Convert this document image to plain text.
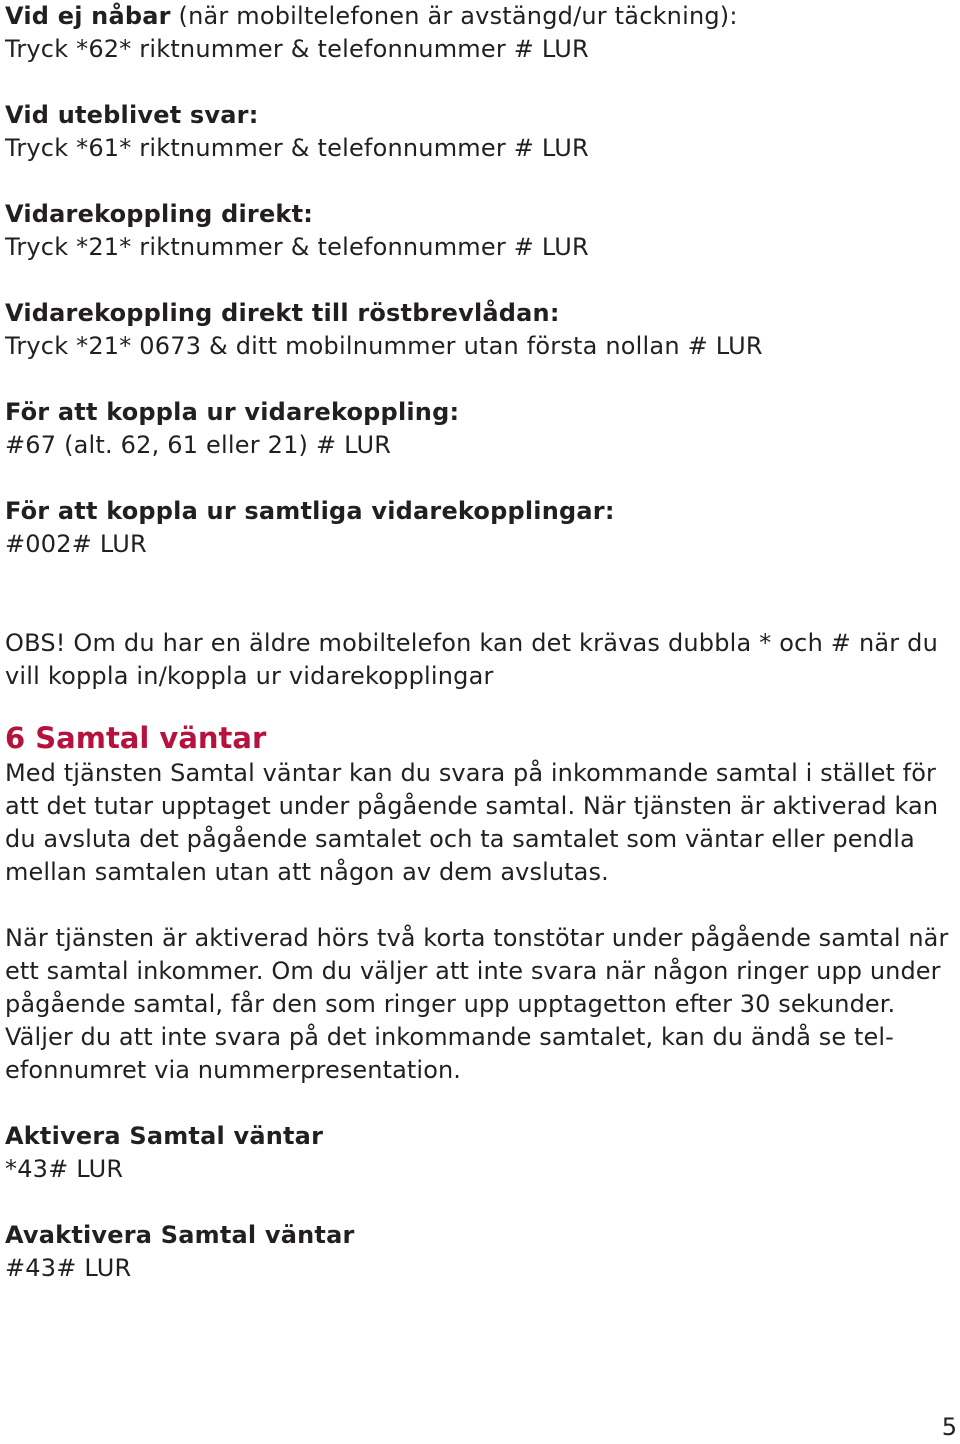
Vid ej nåbar (när mobiltelefonen är avstängd/ur täckning):
Tryck *62* riktnummer & telefonnummer # LUR
Vid uteblivet svar:
Tryck *61* riktnummer & telefonnummer # LUR
Vidarekoppling direkt:
Tryck *21* riktnummer & telefonnummer # LUR
Vidarekoppling direkt till röstbrevlådan:
Tryck *21* 0673 & ditt mobilnummer utan första nollan # LUR
För att koppla ur vidarekoppling:
#67 (alt. 62, 61 eller 21) # LUR
För att koppla ur samtliga vidarekopplingar:
#002# LUR
OBS! Om du har en äldre mobiltelefon kan det krävas dubbla * och # när du
vill koppla in/koppla ur vidarekopplingar
6 Samtal väntar
Med tjänsten Samtal väntar kan du svara på inkommande samtal i stället för
att det tutar upptaget under pågående samtal. När tjänsten är aktiverad kan
du avsluta det pågående samtalet och ta samtalet som väntar eller pendla
mellan samtalen utan att någon av dem avslutas.
När tjänsten är aktiverad hörs två korta tonstötar under pågående samtal när
ett samtal inkommer. Om du väljer att inte svara när någon ringer upp under
pågående samtal, får den som ringer upp upptagetton efter 30 sekunder.
Väljer du att inte svara på det inkommande samtalet, kan du ändå se tel-
efonnumret via nummerpresentation.
Aktivera Samtal väntar
*43# LUR
Avaktivera Samtal väntar
#43# LUR
5
